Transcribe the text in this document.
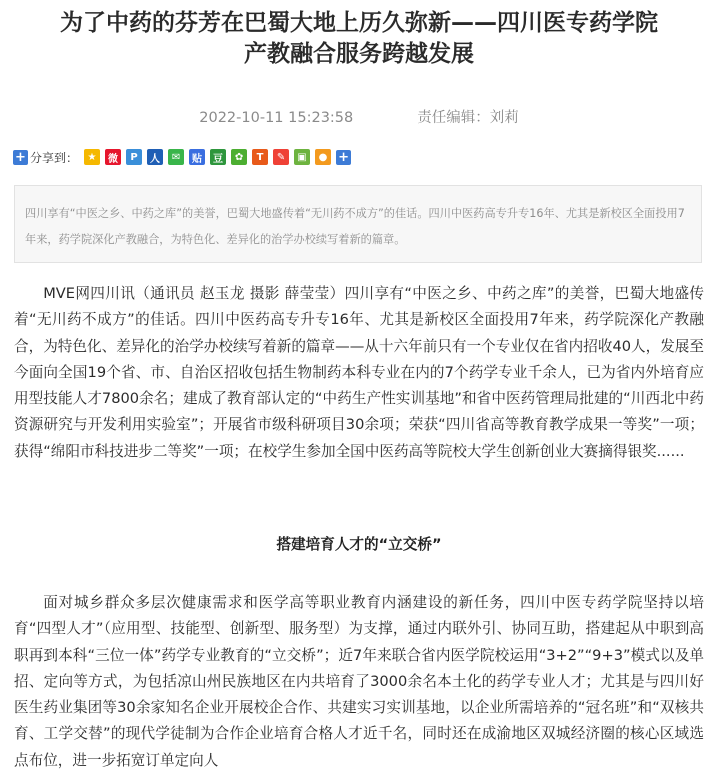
为了中药的芬芳在巴蜀大地上历久弥新——四川医专药学院
产教融合服务跨越发展
2022-10-11 15:23:58	责任编辑：刘莉
+ 分享到： ★	微	P	人	✉	贴	豆	✿	T	✎	▣	● +
四川享有“中医之乡、中药之库”的美誉，巴蜀大地盛传着“无川药不成方”的佳话。四川中医药高专升专16年、尤其是新校区全面投用7年来，药学院深化产教融合，为特色化、差异化的治学办校续写着新的篇章。

MVE网四川讯（通讯员 赵玉龙 摄影 薛莹莹）四川享有“中医之乡、中药之库”的美誉，巴蜀大地盛传着“无川药不成方”的佳话。四川中医药高专升专16年、尤其是新校区全面投用7年来，药学院深化产教融合，为特色化、差异化的治学办校续写着新的篇章——从十六年前只有一个专业仅在省内招收40人，发展至今面向全国19个省、市、自治区招收包括生物制药本科专业在内的7个药学专业千余人，已为省内外培育应用型技能人才7800余名；建成了教育部认定的“中药生产性实训基地”和省中医药管理局批建的“川西北中药资源研究与开发利用实验室”；开展省市级科研项目30余项；荣获“四川省高等教育教学成果一等奖”一项；获得“绵阳市科技进步二等奖”一项；在校学生参加全国中医药高等院校大学生创新创业大赛摘得银奖......

搭建培育人才的“立交桥”

面对城乡群众多层次健康需求和医学高等职业教育内涵建设的新任务，四川中医专药学院坚持以培育“四型人才”（应用型、技能型、创新型、服务型）为支撑，通过内联外引、协同互助，搭建起从中职到高职再到本科“三位一体”药学专业教育的“立交桥”；近7年来联合省内医学院校运用“3+2”“9+3”模式以及单招、定向等方式，为包括凉山州民族地区在内共培育了3000余名本土化的药学专业人才；尤其是与四川好医生药业集团等30余家知名企业开展校企合作、共建实习实训基地，以企业所需培养的“冠名班”和“双核共育、工学交替”的现代学徒制为合作企业培育合格人才近千名，同时还在成渝地区双城经济圈的核心区域选点布位，进一步拓宽订单定向人
